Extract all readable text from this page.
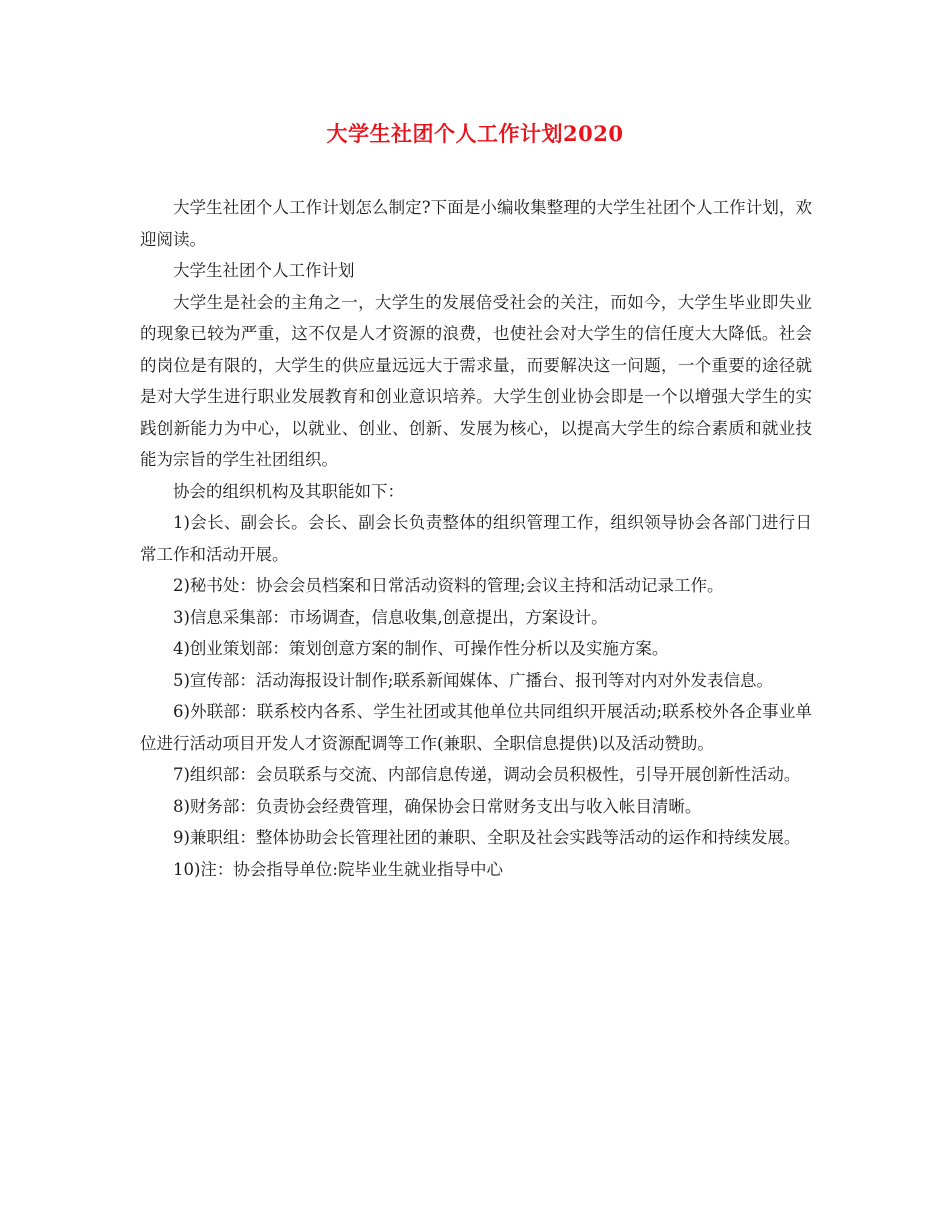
大学生社团个人工作计划2020

大学生社团个人工作计划怎么制定?下面是小编收集整理的大学生社团个人工作计划，欢迎阅读。

大学生社团个人工作计划

大学生是社会的主角之一，大学生的发展倍受社会的关注，而如今，大学生毕业即失业的现象已较为严重，这不仅是人才资源的浪费，也使社会对大学生的信任度大大降低。社会的岗位是有限的，大学生的供应量远远大于需求量，而要解决这一问题，一个重要的途径就是对大学生进行职业发展教育和创业意识培养。大学生创业协会即是一个以增强大学生的实践创新能力为中心，以就业、创业、创新、发展为核心，以提高大学生的综合素质和就业技能为宗旨的学生社团组织。

协会的组织机构及其职能如下：

1)会长、副会长。会长、副会长负责整体的组织管理工作，组织领导协会各部门进行日常工作和活动开展。

2)秘书处：协会会员档案和日常活动资料的管理;会议主持和活动记录工作。

3)信息采集部：市场调查，信息收集,创意提出，方案设计。

4)创业策划部：策划创意方案的制作、可操作性分析以及实施方案。

5)宣传部：活动海报设计制作;联系新闻媒体、广播台、报刊等对内对外发表信息。

6)外联部：联系校内各系、学生社团或其他单位共同组织开展活动;联系校外各企事业单位进行活动项目开发人才资源配调等工作(兼职、全职信息提供)以及活动赞助。

7)组织部：会员联系与交流、内部信息传递，调动会员积极性，引导开展创新性活动。

8)财务部：负责协会经费管理，确保协会日常财务支出与收入帐目清晰。

9)兼职组：整体协助会长管理社团的兼职、全职及社会实践等活动的运作和持续发展。

10)注：协会指导单位:院毕业生就业指导中心
